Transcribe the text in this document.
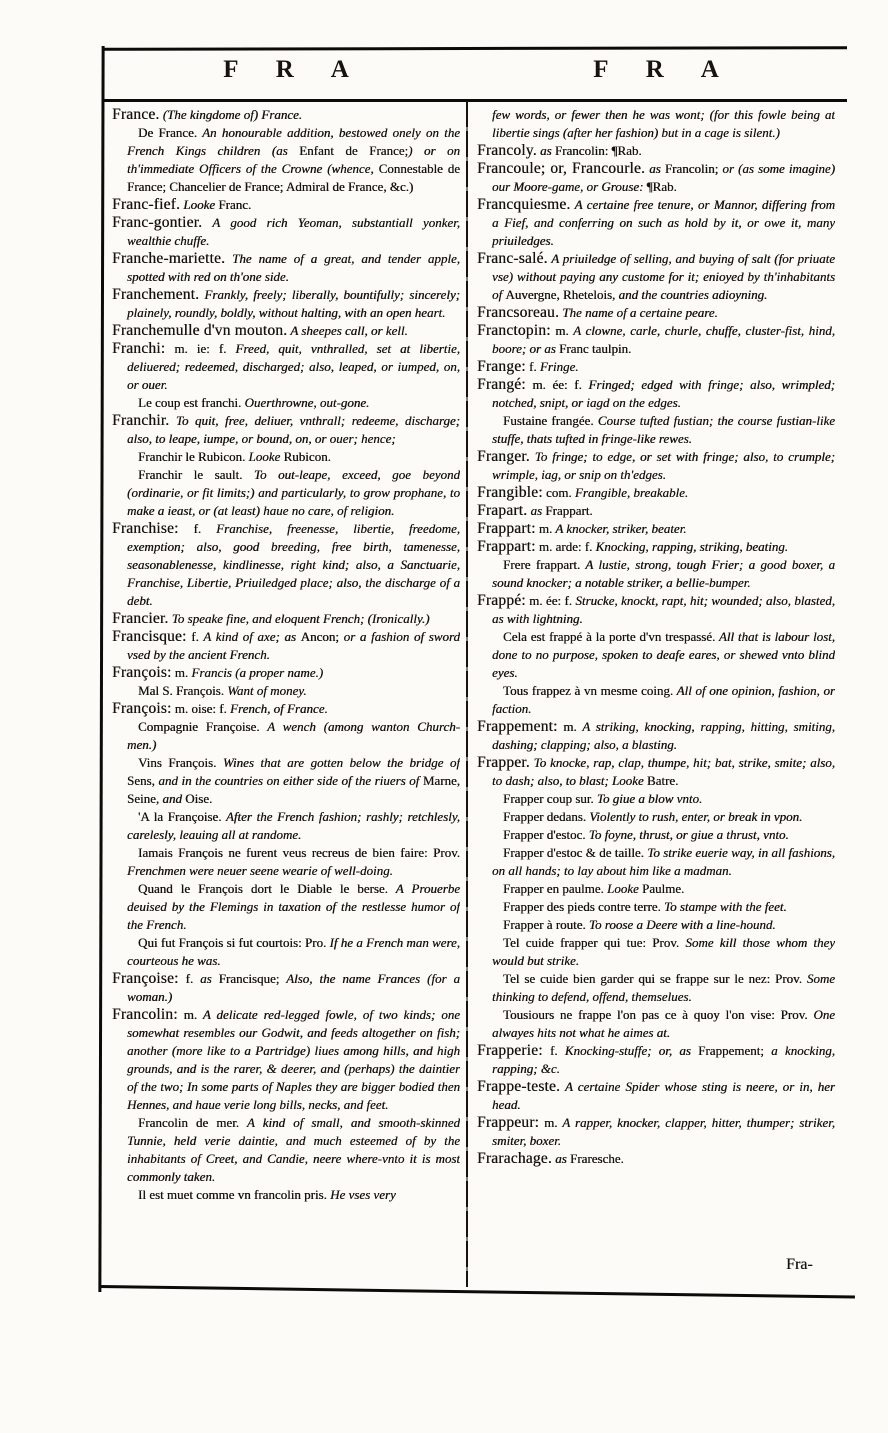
F R A	F R A

France. (The kingdome of) France.

De France. An honourable addition, bestowed onely on the French Kings children (as Enfant de France;) or on th'immediate Officers of the Crowne (whence, Connestable de France; Chancelier de France; Admiral de France, &c.)

Franc-fief. Looke Franc.

Franc-gontier. A good rich Yeoman, substantiall yonker, wealthie chuffe.

Franche-mariette. The name of a great, and tender apple, spotted with red on th'one side.

Franchement. Frankly, freely; liberally, bountifully; sincerely; plainely, roundly, boldly, without halting, with an open heart.

Franchemulle d'vn mouton. A sheepes call, or kell.

Franchi: m. ie: f. Freed, quit, vnthralled, set at libertie, deliuered; redeemed, discharged; also, leaped, or iumped, on, or ouer.

Le coup est franchi. Ouerthrowne, out-gone.

Franchir. To quit, free, deliuer, vnthrall; redeeme, discharge; also, to leape, iumpe, or bound, on, or ouer; hence;

Franchir le Rubicon. Looke Rubicon.

Franchir le sault. To out-leape, exceed, goe beyond (ordinarie, or fit limits;) and particularly, to grow prophane, to make a ieast, or (at least) haue no care, of religion.

Franchise: f. Franchise, freenesse, libertie, freedome, exemption; also, good breeding, free birth, tamenesse, seasonablenesse, kindlinesse, right kind; also, a Sanctuarie, Franchise, Libertie, Priuiledged place; also, the discharge of a debt.

Francier. To speake fine, and eloquent French; (Ironically.)

Francisque: f. A kind of axe; as Ancon; or a fashion of sword vsed by the ancient French.

François: m. Francis (a proper name.)

Mal S. François. Want of money.

François: m. oise: f. French, of France.

Compagnie Françoise. A wench (among wanton Church-men.)

Vins François. Wines that are gotten below the bridge of Sens, and in the countries on either side of the riuers of Marne, Seine, and Oise.

'A la Françoise. After the French fashion; rashly; retchlesly, carelesly, leauing all at randome.

Iamais François ne furent veus recreus de bien faire: Prov. Frenchmen were neuer seene wearie of well-doing.

Quand le François dort le Diable le berse. A Prouerbe deuised by the Flemings in taxation of the restlesse humor of the French.

Qui fut François si fut courtois: Pro. If he a French man were, courteous he was.

Françoise: f. as Francisque; Also, the name Frances (for a woman.)

Francolin: m. A delicate red-legged fowle, of two kinds; one somewhat resembles our Godwit, and feeds altogether on fish; another (more like to a Partridge) liues among hills, and high grounds, and is the rarer, & deerer, and (perhaps) the daintier of the two; In some parts of Naples they are bigger bodied then Hennes, and haue verie long bills, necks, and feet.

Francolin de mer. A kind of small, and smooth-skinned Tunnie, held verie daintie, and much esteemed of by the inhabitants of Creet, and Candie, neere where-vnto it is most commonly taken.

Il est muet comme vn francolin pris. He vses very

few words, or fewer then he was wont; (for this fowle being at libertie sings (after her fashion) but in a cage is silent.)

Francoly. as Francolin: ¶Rab.

Francoule; or, Francourle. as Francolin; or (as some imagine) our Moore-game, or Grouse: ¶Rab.

Francquiesme. A certaine free tenure, or Mannor, differing from a Fief, and conferring on such as hold by it, or owe it, many priuiledges.

Franc-salé. A priuiledge of selling, and buying of salt (for priuate vse) without paying any custome for it; enioyed by th'inhabitants of Auvergne, Rhetelois, and the countries adioyning.

Francsoreau. The name of a certaine peare.

Franctopin: m. A clowne, carle, churle, chuffe, cluster-fist, hind, boore; or as Franc taulpin.

Frange: f. Fringe.

Frangé: m. ée: f. Fringed; edged with fringe; also, wrimpled; notched, snipt, or iagd on the edges.

Fustaine frangée. Course tufted fustian; the course fustian-like stuffe, thats tufted in fringe-like rewes.

Franger. To fringe; to edge, or set with fringe; also, to crumple; wrimple, iag, or snip on th'edges.

Frangible: com. Frangible, breakable.

Frapart. as Frappart.

Frappart: m. A knocker, striker, beater.

Frappart: m. arde: f. Knocking, rapping, striking, beating.

Frere frappart. A lustie, strong, tough Frier; a good boxer, a sound knocker; a notable striker, a bellie-bumper.

Frappé: m. ée: f. Strucke, knockt, rapt, hit; wounded; also, blasted, as with lightning.

Cela est frappé à la porte d'vn trespassé. All that is labour lost, done to no purpose, spoken to deafe eares, or shewed vnto blind eyes.

Tous frappez à vn mesme coing. All of one opinion, fashion, or faction.

Frappement: m. A striking, knocking, rapping, hitting, smiting, dashing; clapping; also, a blasting.

Frapper. To knocke, rap, clap, thumpe, hit; bat, strike, smite; also, to dash; also, to blast; Looke Batre.

Frapper coup sur. To giue a blow vnto.

Frapper dedans. Violently to rush, enter, or break in vpon.

Frapper d'estoc. To foyne, thrust, or giue a thrust, vnto.

Frapper d'estoc & de taille. To strike euerie way, in all fashions, on all hands; to lay about him like a madman.

Frapper en paulme. Looke Paulme.

Frapper des pieds contre terre. To stampe with the feet.

Frapper à route. To roose a Deere with a line-hound.

Tel cuide frapper qui tue: Prov. Some kill those whom they would but strike.

Tel se cuide bien garder qui se frappe sur le nez: Prov. Some thinking to defend, offend, themselues.

Tousiours ne frappe l'on pas ce à quoy l'on vise: Prov. One alwayes hits not what he aimes at.

Frapperie: f. Knocking-stuffe; or, as Frappement; a knocking, rapping; &c.

Frappe-teste. A certaine Spider whose sting is neere, or in, her head.

Frappeur: m. A rapper, knocker, clapper, hitter, thumper; striker, smiter, boxer.

Frarachage. as Fraresche.

Fra-
